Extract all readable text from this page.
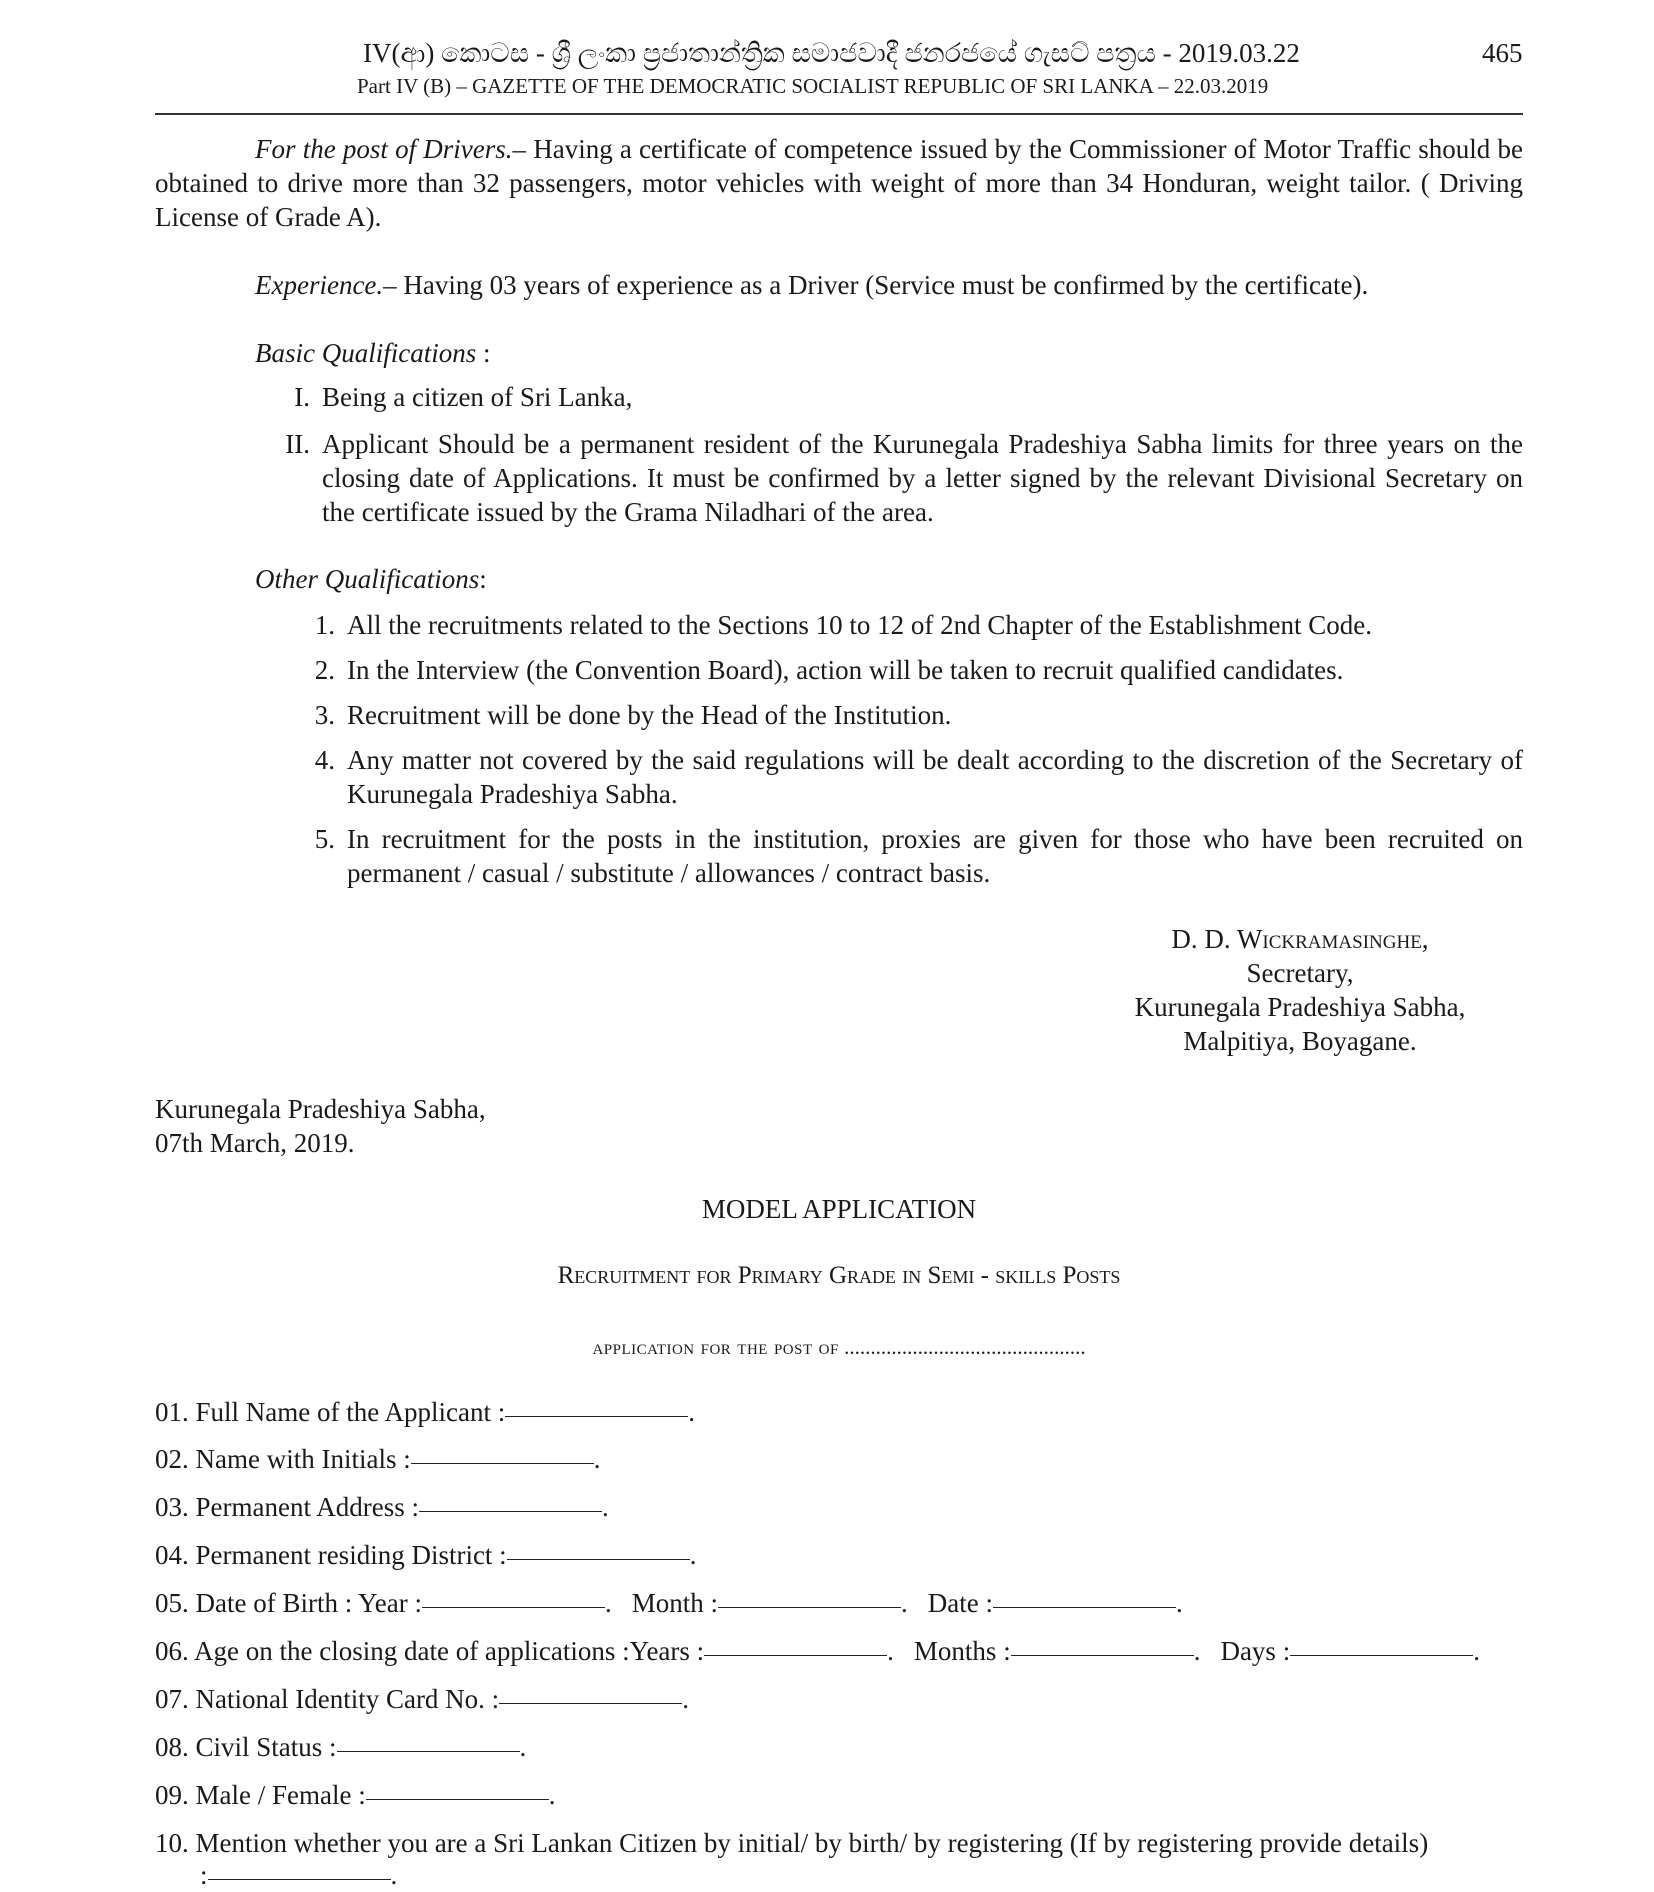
IV(ආ) කොටස - ශ්‍රී ලංකා ප්‍රජාතාන්ත්‍රික සමාජවාදී ජනරජයේ ගැසට් පත්‍රය - 2019.03.22
Part IV (B) – GAZETTE OF THE DEMOCRATIC SOCIALIST REPUBLIC OF SRI LANKA – 22.03.2019
465
For the post of Drivers.– Having a certificate of competence issued by the Commissioner of Motor Traffic should be obtained to drive more than 32 passengers, motor vehicles with weight of more than 34 Honduran, weight tailor. ( Driving License of Grade A).
Experience.– Having 03 years of experience as a Driver (Service must be confirmed by the certificate).
Basic Qualifications :
I. Being a citizen of Sri Lanka,
II. Applicant Should be a permanent resident of the Kurunegala Pradeshiya Sabha limits for three years on the closing date of Applications. It must be confirmed by a letter signed by the relevant Divisional Secretary on the certificate issued by the Grama Niladhari of the area.
Other Qualifications:
1. All the recruitments related to the Sections 10 to 12 of 2nd Chapter of the Establishment Code.
2. In the Interview (the Convention Board), action will be taken to recruit qualified candidates.
3. Recruitment will be done by the Head of the Institution.
4. Any matter not covered by the said regulations will be dealt according to the discretion of the Secretary of Kurunegala Pradeshiya Sabha.
5. In recruitment for the posts in the institution, proxies are given for those who have been recruited on permanent / casual / substitute / allowances / contract basis.
D. D. Wickramasinghe,
Secretary,
Kurunegala Pradeshiya Sabha,
Malpitiya, Boyagane.
Kurunegala Pradeshiya Sabha,
07th March, 2019.
MODEL APPLICATION
Recruitment for Primary Grade in Semi - skills Posts
application for the post of ..............................................
01. Full Name of the Applicant :	.
02. Name with Initials :	.
03. Permanent Address :	.
04. Permanent residing District :	.
05. Date of Birth : Year :	. Month :	. Date :	.
06. Age on the closing date of applications :Years :	. Months :	. Days :	.
07. National Identity Card No. :	.
08. Civil Status :	.
09. Male / Female :	.
10. Mention whether you are a Sri Lankan Citizen by initial/ by birth/ by registering (If by registering provide details)
:	.
